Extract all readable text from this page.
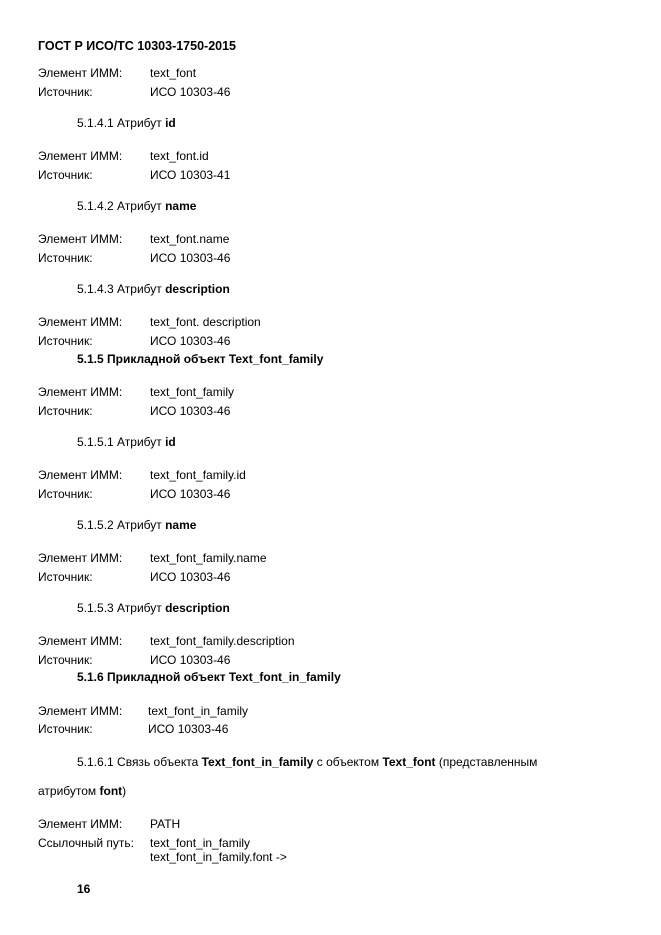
ГОСТ Р ИСО/ТС 10303-1750-2015
Элемент ИММ: text_font
Источник:	ИСО 10303-46
5.1.4.1 Атрибут id
Элемент ИММ: text_font.id
Источник:	ИСО 10303-41
5.1.4.2 Атрибут name
Элемент ИММ: text_font.name
Источник:	ИСО 10303-46
5.1.4.3 Атрибут description
Элемент ИММ: text_font. description
Источник:	ИСО 10303-46
5.1.5 Прикладной объект Text_font_family
Элемент ИММ: text_font_family
Источник:	ИСО 10303-46
5.1.5.1 Атрибут id
Элемент ИММ: text_font_family.id
Источник:	ИСО 10303-46
5.1.5.2 Атрибут name
Элемент ИММ: text_font_family.name
Источник:	ИСО 10303-46
5.1.5.3 Атрибут description
Элемент ИММ: text_font_family.description
Источник:	ИСО 10303-46
5.1.6 Прикладной объект Text_font_in_family
Элемент ИММ: text_font_in_family
Источник:	ИСО 10303-46
5.1.6.1 Связь объекта Text_font_in_family с объектом Text_font (представленным
атрибутом font)
Элемент ИММ: PATH
Ссылочный путь: text_font_in_family
text_font_in_family.font ->
16
